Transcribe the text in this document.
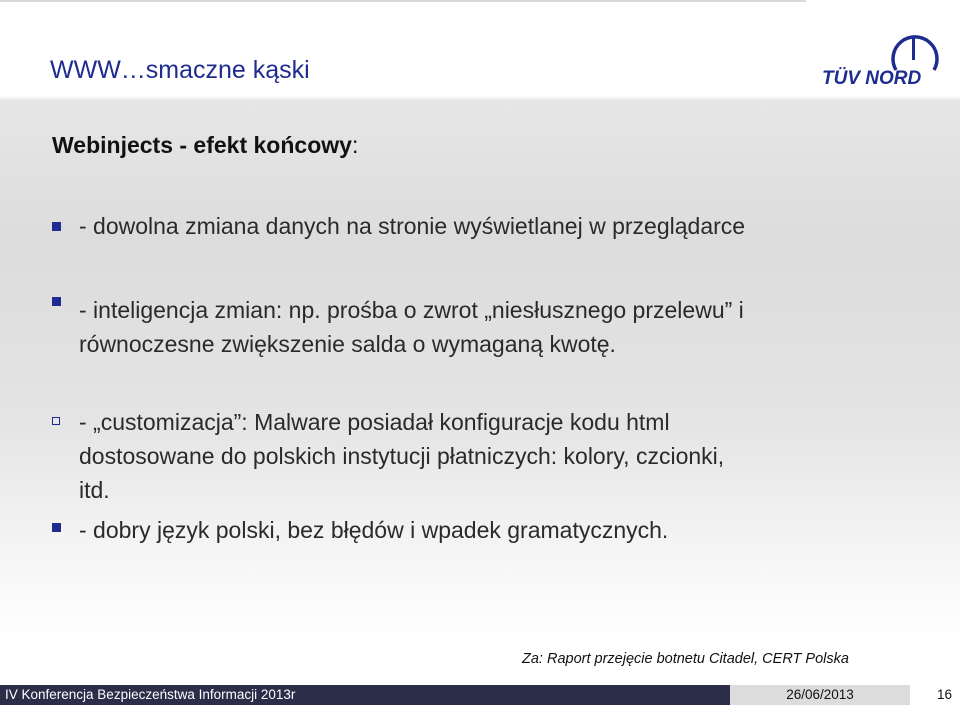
WWW…smaczne kąski	TÜV NORD
Webinjects - efekt końcowy:
- dowolna zmiana danych na stronie wyświetlanej w przeglądarce
- inteligencja zmian: np. prośba o zwrot „niesłusznego przelewu” i
równoczesne zwiększenie salda o wymaganą kwotę.
- „customizacja”: Malware posiadał konfiguracje kodu html
dostosowane do polskich instytucji płatniczych: kolory, czcionki,
itd.
- dobry język polski, bez błędów i wpadek gramatycznych.
Za: Raport przejęcie botnetu Citadel, CERT Polska
IV Konferencja Bezpieczeństwa Informacji 2013r	26/06/2013	16
